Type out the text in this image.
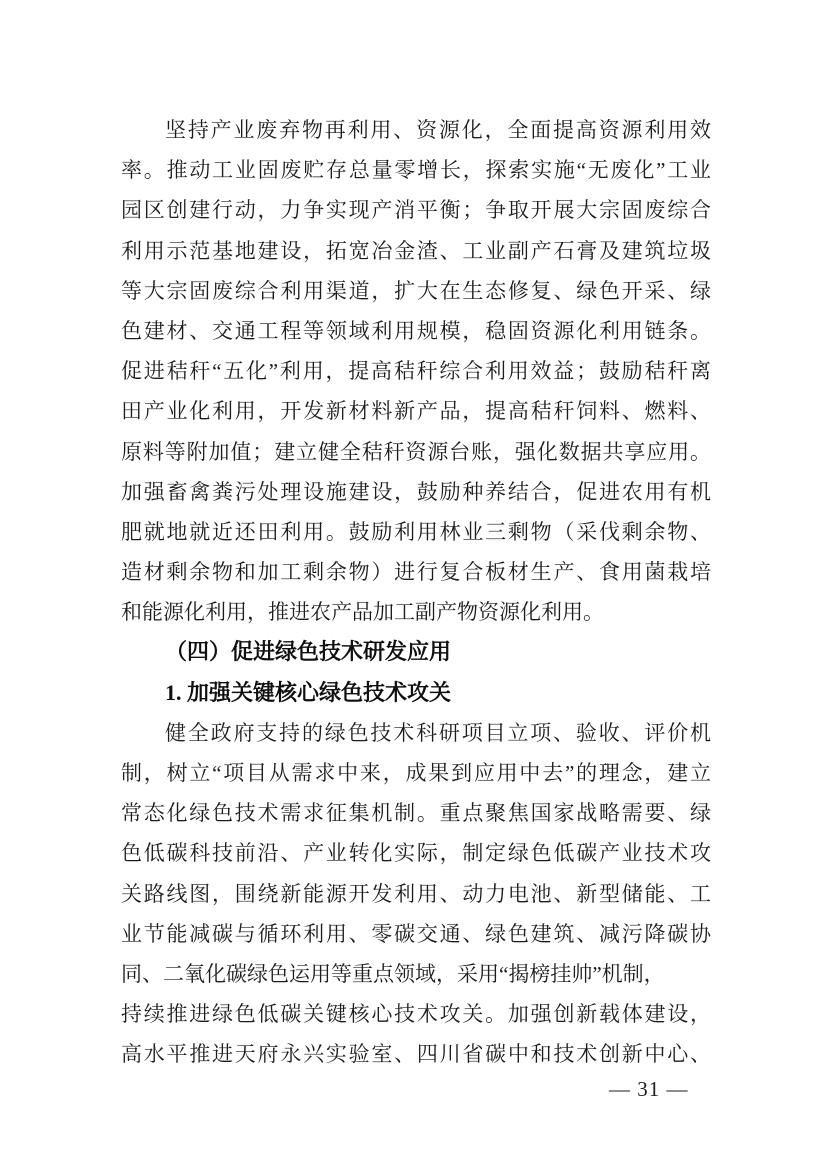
坚持产业废弃物再利用、资源化，全面提高资源利用效
率。推动工业固废贮存总量零增长，探索实施“无废化”工业
园区创建行动，力争实现产消平衡；争取开展大宗固废综合
利用示范基地建设，拓宽冶金渣、工业副产石膏及建筑垃圾
等大宗固废综合利用渠道，扩大在生态修复、绿色开采、绿
色建材、交通工程等领域利用规模，稳固资源化利用链条。
促进秸秆“五化”利用，提高秸秆综合利用效益；鼓励秸秆离
田产业化利用，开发新材料新产品，提高秸秆饲料、燃料、
原料等附加值；建立健全秸秆资源台账，强化数据共享应用。
加强畜禽粪污处理设施建设，鼓励种养结合，促进农用有机
肥就地就近还田利用。鼓励利用林业三剩物（采伐剩余物、
造材剩余物和加工剩余物）进行复合板材生产、食用菌栽培
和能源化利用，推进农产品加工副产物资源化利用。
（四）促进绿色技术研发应用
1. 加强关键核心绿色技术攻关
健全政府支持的绿色技术科研项目立项、验收、评价机
制，树立“项目从需求中来，成果到应用中去”的理念，建立
常态化绿色技术需求征集机制。重点聚焦国家战略需要、绿
色低碳科技前沿、产业转化实际，制定绿色低碳产业技术攻
关路线图，围绕新能源开发利用、动力电池、新型储能、工
业节能减碳与循环利用、零碳交通、绿色建筑、减污降碳协
同、二氧化碳绿色运用等重点领域，采用“揭榜挂帅”机制，
持续推进绿色低碳关键核心技术攻关。加强创新载体建设，
高水平推进天府永兴实验室、四川省碳中和技术创新中心、
— 31 —
